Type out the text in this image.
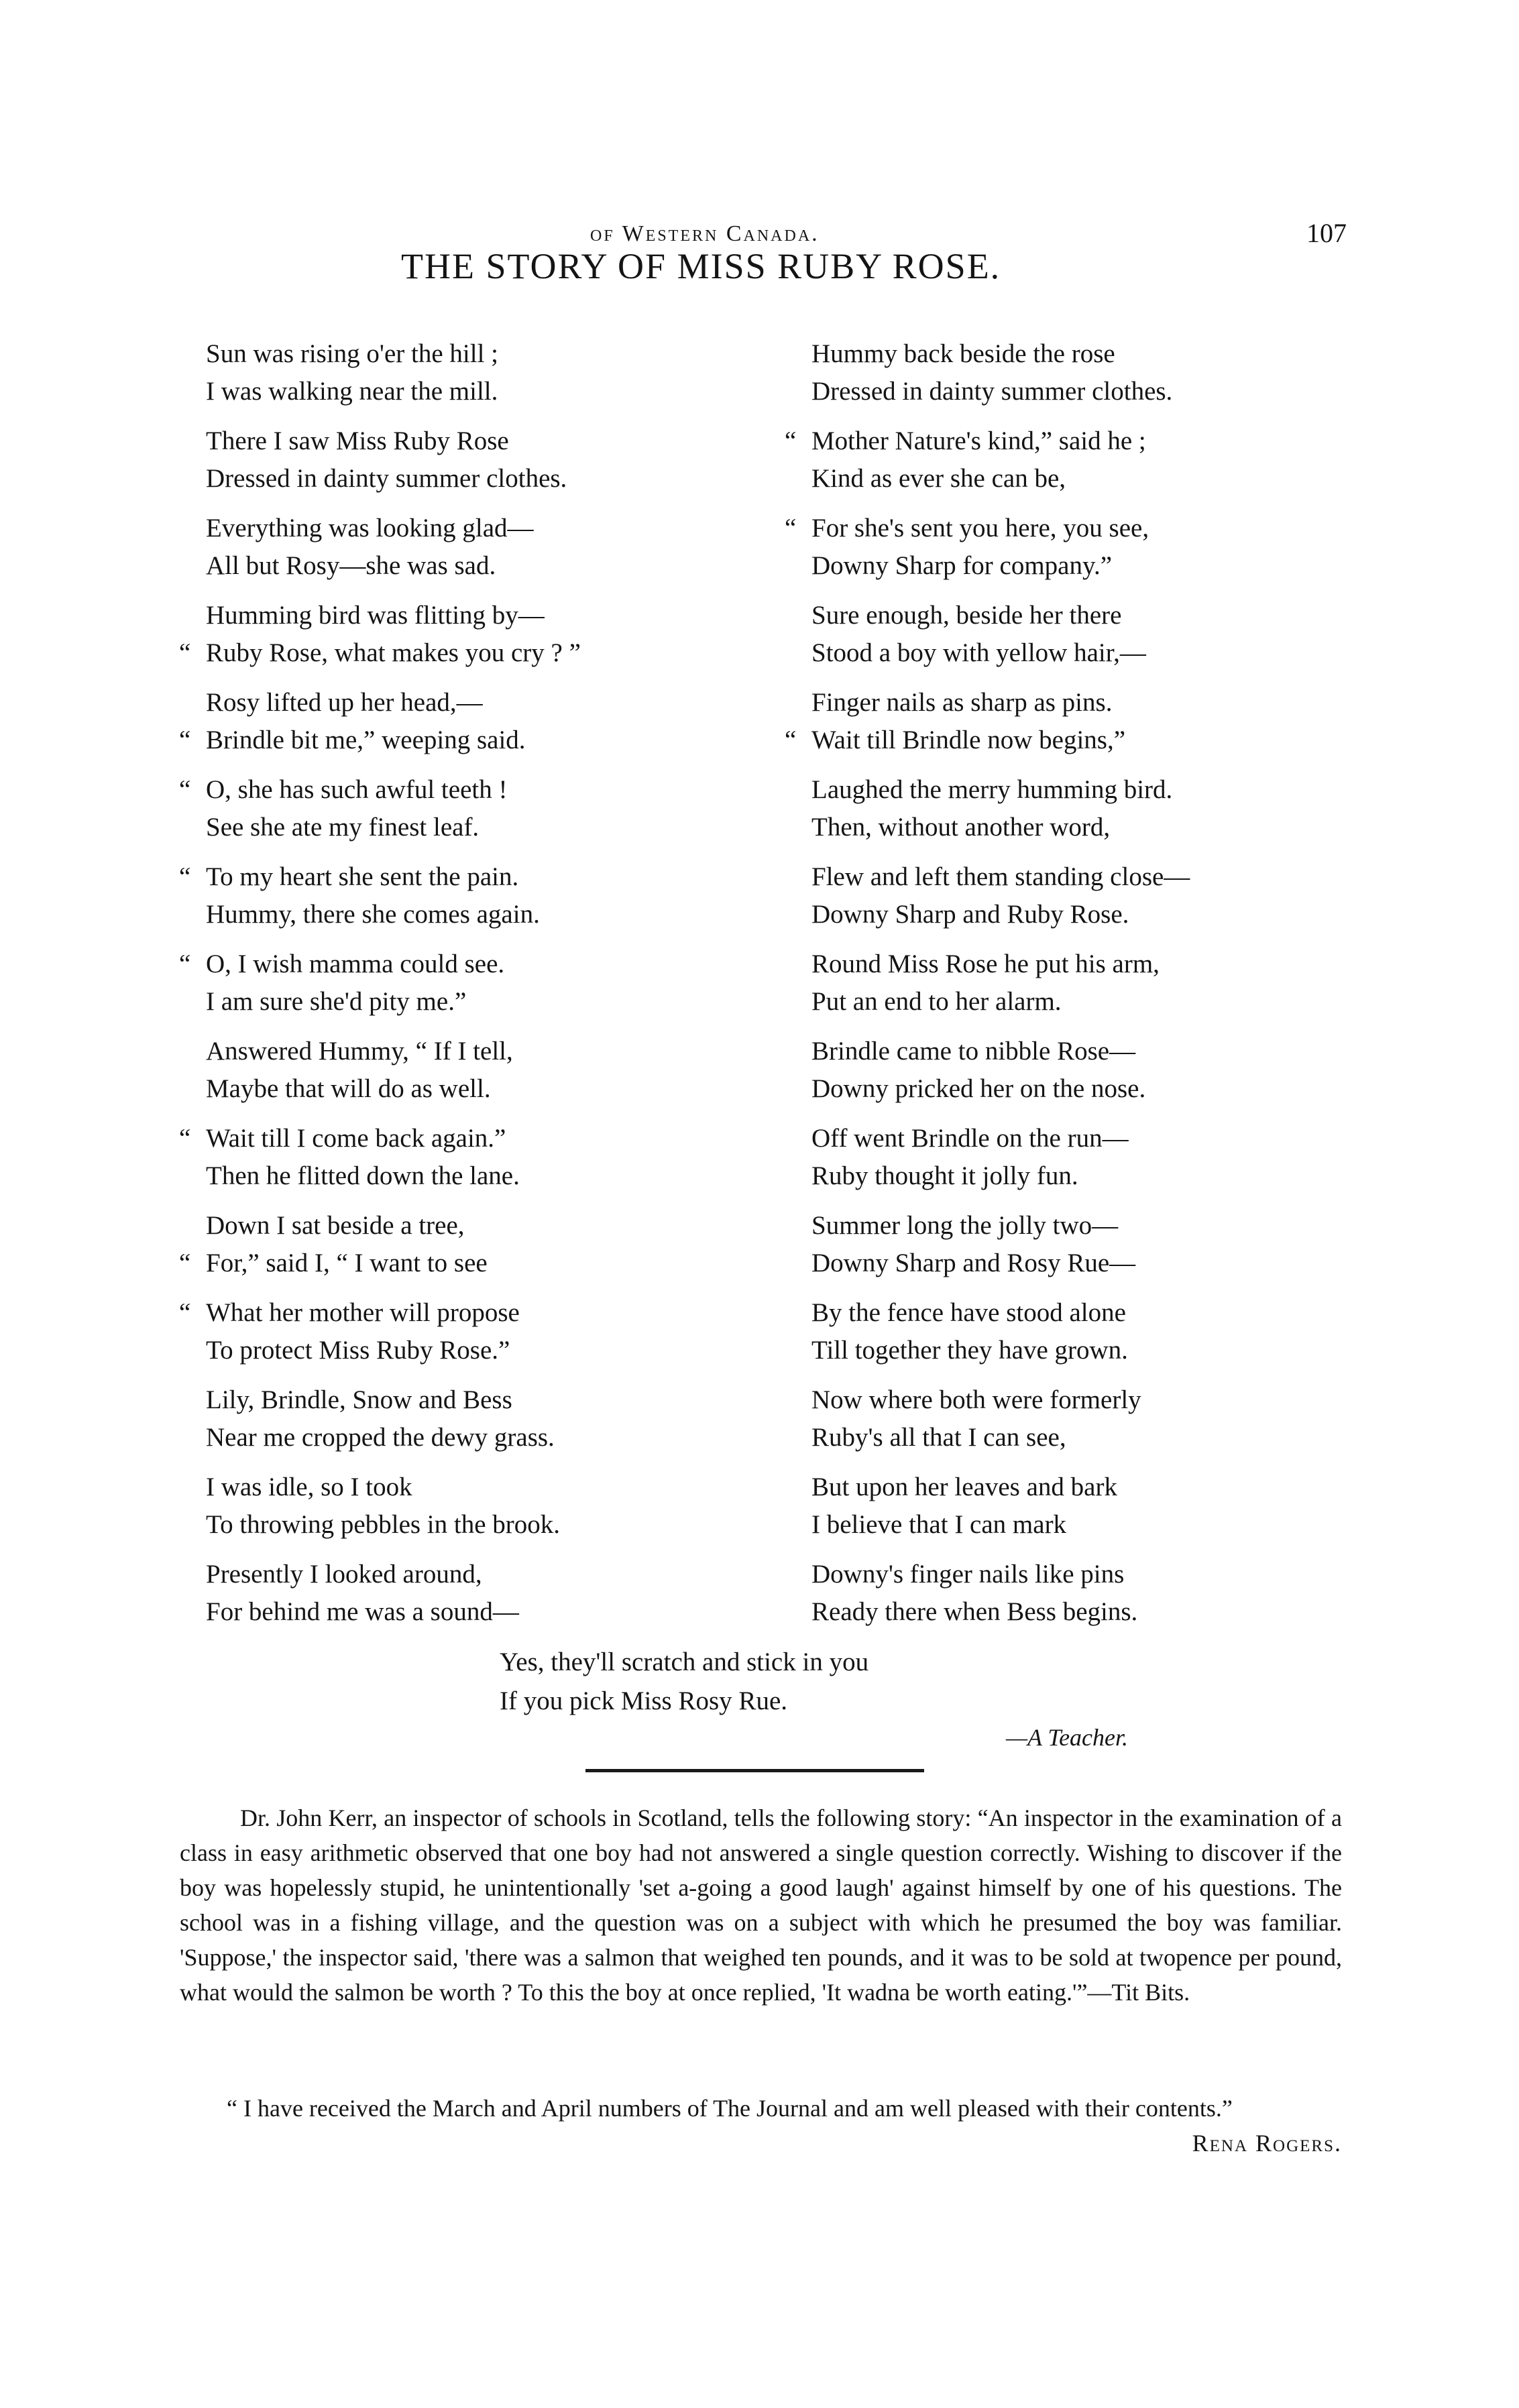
of Western Canada.	107
THE STORY OF MISS RUBY ROSE.
Sun was rising o'er the hill ;
I was walking near the mill.
There I saw Miss Ruby Rose
Dressed in dainty summer clothes.
Everything was looking glad—
All but Rosy—she was sad.
Humming bird was flitting by—
“ Ruby Rose, what makes you cry ? ”
Rosy lifted up her head,—
“ Brindle bit me,” weeping said.
“ O, she has such awful teeth !
See she ate my finest leaf.
“ To my heart she sent the pain.
Hummy, there she comes again.
“ O, I wish mamma could see.
I am sure she'd pity me.”
Answered Hummy, “ If I tell,
Maybe that will do as well.
“ Wait till I come back again.”
Then he flitted down the lane.
Down I sat beside a tree,
“ For,” said I, “ I want to see
“ What her mother will propose
To protect Miss Ruby Rose.”
Lily, Brindle, Snow and Bess
Near me cropped the dewy grass.
I was idle, so I took
To throwing pebbles in the brook.
Presently I looked around,
For behind me was a sound—
Hummy back beside the rose
Dressed in dainty summer clothes.
“ Mother Nature's kind,” said he ;
Kind as ever she can be,
“ For she's sent you here, you see,
Downy Sharp for company.”
Sure enough, beside her there
Stood a boy with yellow hair,—
Finger nails as sharp as pins.
“ Wait till Brindle now begins,”
Laughed the merry humming bird.
Then, without another word,
Flew and left them standing close—
Downy Sharp and Ruby Rose.
Round Miss Rose he put his arm,
Put an end to her alarm.
Brindle came to nibble Rose—
Downy pricked her on the nose.
Off went Brindle on the run—
Ruby thought it jolly fun.
Summer long the jolly two—
Downy Sharp and Rosy Rue—
By the fence have stood alone
Till together they have grown.
Now where both were formerly
Ruby's all that I can see,
But upon her leaves and bark
I believe that I can mark
Downy's finger nails like pins
Ready there when Bess begins.
Yes, they'll scratch and stick in you
If you pick Miss Rosy Rue.
—A Teacher.

Dr. John Kerr, an inspector of schools in Scotland, tells the following story: “An inspector in the examination of a class in easy arithmetic observed that one boy had not answered a single question correctly. Wishing to discover if the boy was hopelessly stupid, he unintentionally 'set a-going a good laugh' against himself by one of his questions. The school was in a fishing village, and the question was on a subject with which he presumed the boy was familiar. 'Suppose,' the inspector said, 'there was a salmon that weighed ten pounds, and it was to be sold at twopence per pound, what would the salmon be worth ? To this the boy at once replied, 'It wadna be worth eating.'”—Tit Bits.

“ I have received the March and April numbers of The Journal and am well pleased with their contents.”

Rena Rogers.
